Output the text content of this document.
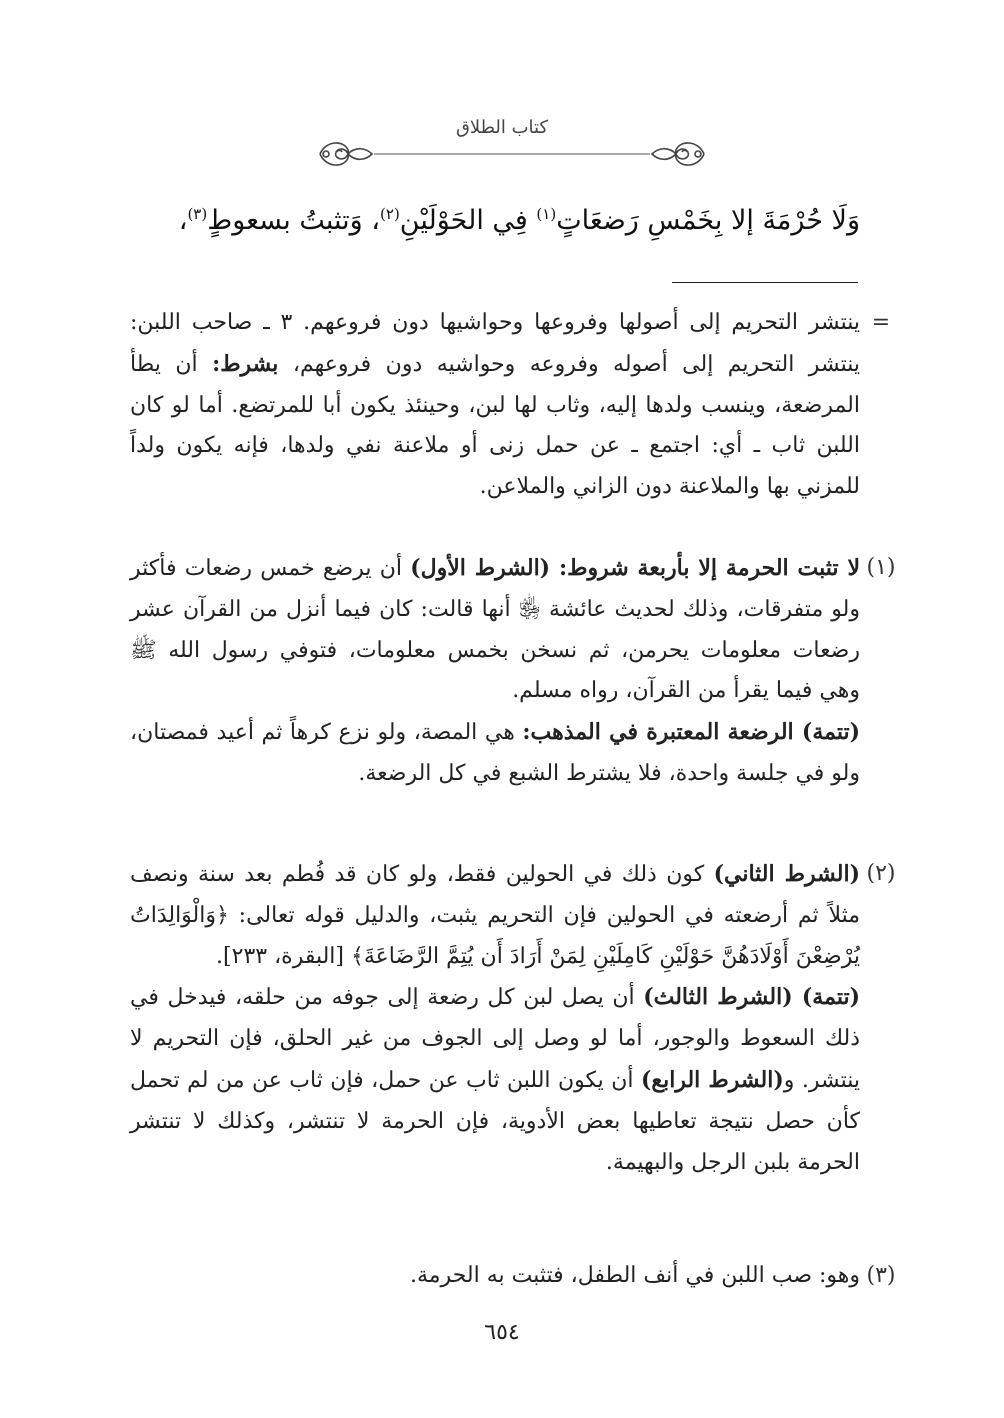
كتاب الطلاق
وَلَا حُرْمَةَ إلا بِخَمْسِ رَضعَاتٍ$^{(١)}$ فِي الحَوْلَيْنِ$^{(٢)}$، وَتثبتُ بسعوطٍ$^{(٣)}$،
=
ينتشر التحريم إلى أصولها وفروعها وحواشيها دون فروعهم. ٣ ـ صاحب اللبن: ينتشر التحريم إلى أصوله وفروعه وحواشيه دون فروعهم، بشرط: أن يطأ المرضعة، وينسب ولدها إليه، وثاب لها لبن، وحينئذ يكون أبا للمرتضع. أما لو كان اللبن ثاب ـ أي: اجتمع ـ عن حمل زنى أو ملاعنة نفي ولدها، فإنه يكون ولداً للمزني بها والملاعنة دون الزاني والملاعن.
(١)
لا تثبت الحرمة إلا بأربعة شروط: (الشرط الأول) أن يرضع خمس رضعات فأكثر ولو متفرقات، وذلك لحديث عائشة ﵂ أنها قالت: كان فيما أنزل من القرآن عشر رضعات معلومات يحرمن، ثم نسخن بخمس معلومات، فتوفي رسول الله ﷺ وهي فيما يقرأ من القرآن، رواه مسلم.
(تتمة) الرضعة المعتبرة في المذهب: هي المصة، ولو نزع كرهاً ثم أعيد فمصتان، ولو في جلسة واحدة، فلا يشترط الشبع في كل الرضعة.
(٢)
(الشرط الثاني) كون ذلك في الحولين فقط، ولو كان قد فُطم بعد سنة ونصف مثلاً ثم أرضعته في الحولين فإن التحريم يثبت، والدليل قوله تعالى: ﴿وَالْوَالِدَاتُ يُرْضِعْنَ أَوْلَادَهُنَّ حَوْلَيْنِ كَامِلَيْنِ لِمَنْ أَرَادَ أَن يُتِمَّ الرَّضَاعَةَ﴾ [البقرة، ٢٣٣].
(تتمة) (الشرط الثالث) أن يصل لبن كل رضعة إلى جوفه من حلقه، فيدخل في ذلك السعوط والوجور، أما لو وصل إلى الجوف من غير الحلق، فإن التحريم لا ينتشر. و(الشرط الرابع) أن يكون اللبن ثاب عن حمل، فإن ثاب عن من لم تحمل كأن حصل نتيجة تعاطيها بعض الأدوية، فإن الحرمة لا تنتشر، وكذلك لا تنتشر الحرمة بلبن الرجل والبهيمة.
(٣)
وهو: صب اللبن في أنف الطفل، فتثبت به الحرمة.
٦٥٤
